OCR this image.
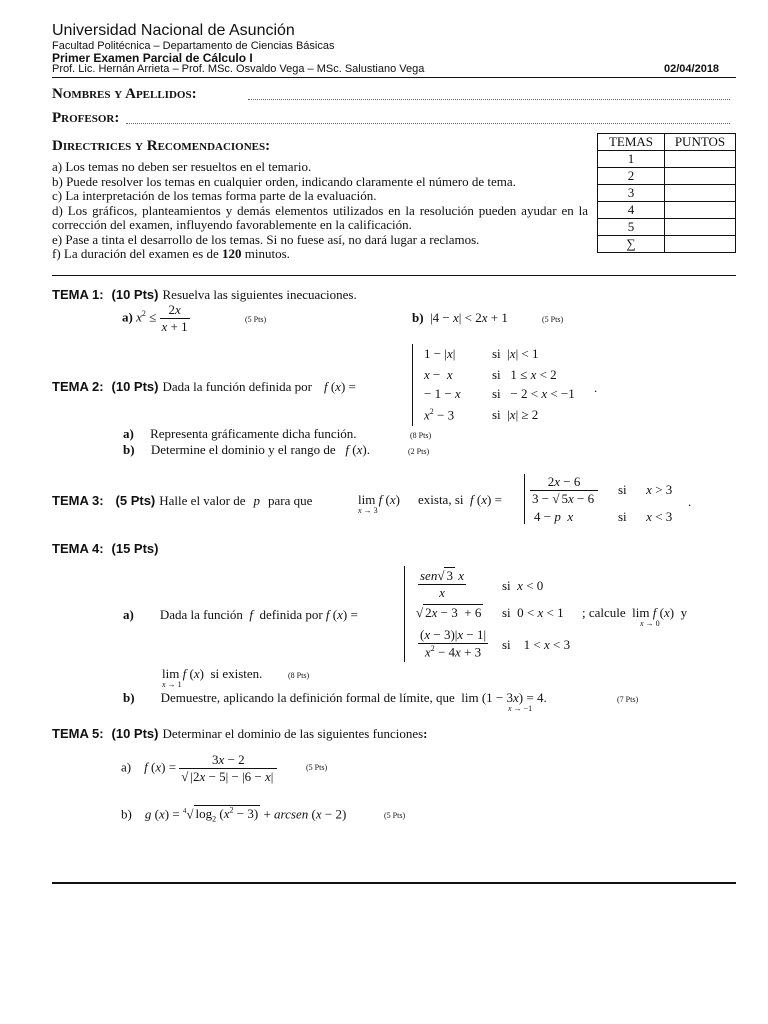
Universidad Nacional de Asunción
Facultad Politécnica – Departamento de Ciencias Básicas
Primer Examen Parcial de Cálculo I
Prof. Lic. Hernán Arrieta – Prof. MSc. Osvaldo Vega – MSc. Salustiano Vega	02/04/2018
Nombres y Apellidos:
Profesor:
Directrices y Recomendaciones:
a) Los temas no deben ser resueltos en el temario.
b) Puede resolver los temas en cualquier orden, indicando claramente el número de tema.
c) La interpretación de los temas forma parte de la evaluación.
d) Los gráficos, planteamientos y demás elementos utilizados en la resolución pueden ayudar en la corrección del examen, influyendo favorablemente en la calificación.
e) Pase a tinta el desarrollo de los temas. Si no fuese así, no dará lugar a reclamos.
f) La duración del examen es de 120 minutos.
TEMAS	PUNTOS
1	
2	
3	
4	
5	
∑	
TEMA 1: (10 Pts) Resuelva las siguientes inecuaciones.
a) $x^2 \le \frac{2x}{x + 1}$	(5 Pts)	b)  |4 − x| < 2x + 1	(5 Pts)
TEMA 2: (10 Pts) Dada la función definida por f (x) =
1 − |x|	si  |x| < 1
x −  x	si   1 ≤ x < 2
− 1 − x si   − 2 < x < −1
$x^2 - 3$	si  |x| ≥ 2
.
a) Representa gráficamente dicha función.	(8 Pts)
b) Determine el dominio y el rango de f (x).	(2 Pts)
TEMA 3: (5 Pts) Halle el valor de p para que	lim f (x)
x → 3
exista, si f $(x) = \frac{2x - 6}{3 - √ 5x - 6}$ si      x > 3
4 − p x	si      x < 3
.
TEMA 4: (15 Pts)
a) Dada la función f definida por f (x) =
$\frac{\text{sen√ 3 x}}{x}$	si  x < 0
√ 2x − 3  + 6 si  0 < x < 1 ; calcule  lim f (x)  y
x → 0
$\frac{(x - 3)|x - 1|}{x^2 - 4x + 3}$ si    1 < x < 3
lim f (x)  si existen.
x → 1
(8 Pts)
b) Demuestre, aplicando la definición formal de límite, que  lim (1 − 3x) = 4.
x → −1
(7 Pts)
TEMA 5: (10 Pts) Determinar el dominio de las siguientes funciones:
a) f $(x) = \frac{3x - 2}{√ |2x - 5| - |6 - x|}$	(5 Pts)
b) g (x) = $^4$√ $\log_2 (x^2 - 3)$ + arcsen (x − 2)	(5 Pts)
